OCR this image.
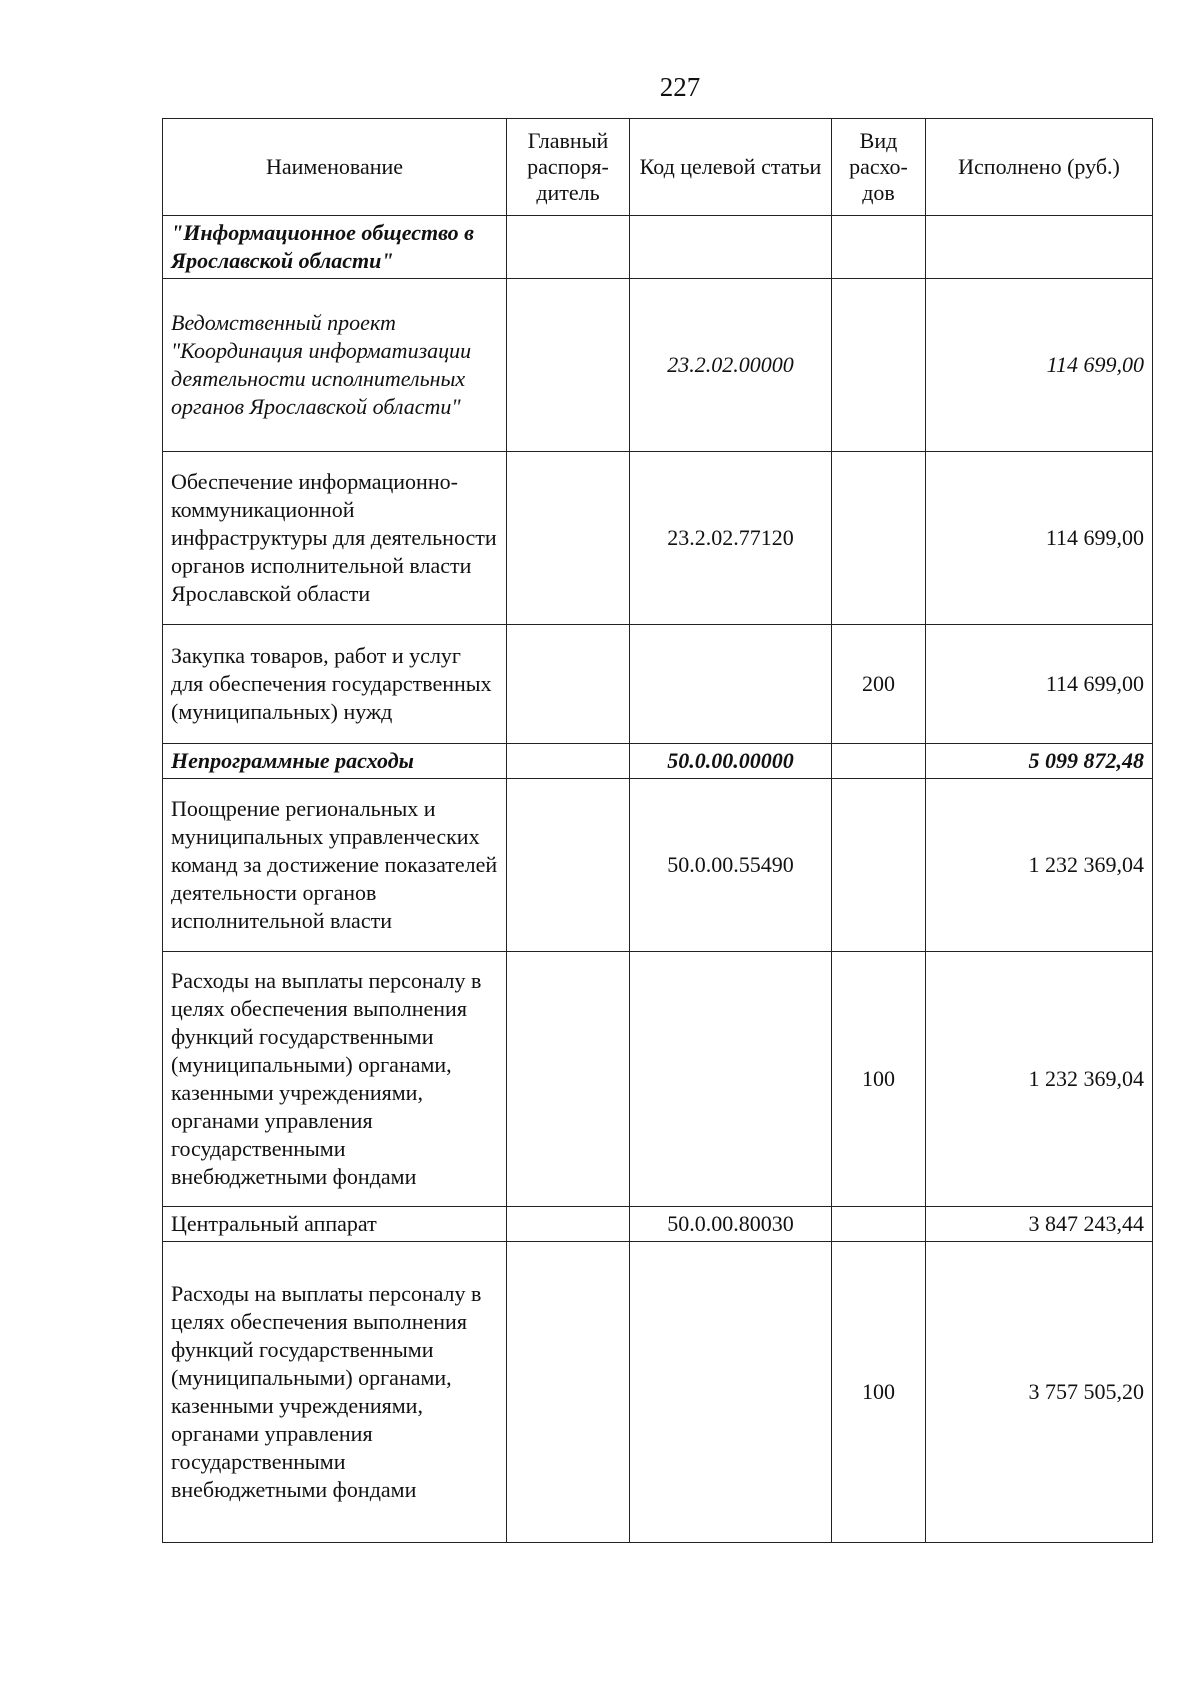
227
Наименование	Главный распоря-дитель	Код целевой статьи	Вид расхо-дов	Исполнено (руб.)
"Информационное общество в Ярославской области"				
Ведомственный проект "Координация информатизации деятельности исполнительных органов Ярославской области"		23.2.02.00000		114 699,00
Обеспечение информационно-коммуникационной инфраструктуры для деятельности органов исполнительной власти Ярославской области		23.2.02.77120		114 699,00
Закупка товаров, работ и услуг для обеспечения государственных (муниципальных) нужд			200	114 699,00
Непрограммные расходы		50.0.00.00000		5 099 872,48
Поощрение региональных и муниципальных управленческих команд за достижение показателей деятельности органов исполнительной власти		50.0.00.55490		1 232 369,04
Расходы на выплаты персоналу в целях обеспечения выполнения функций государственными (муниципальными) органами, казенными учреждениями, органами управления государственными внебюджетными фондами			100	1 232 369,04
Центральный аппарат		50.0.00.80030		3 847 243,44
Расходы на выплаты персоналу в целях обеспечения выполнения функций государственными (муниципальными) органами, казенными учреждениями, органами управления государственными внебюджетными фондами			100	3 757 505,20
